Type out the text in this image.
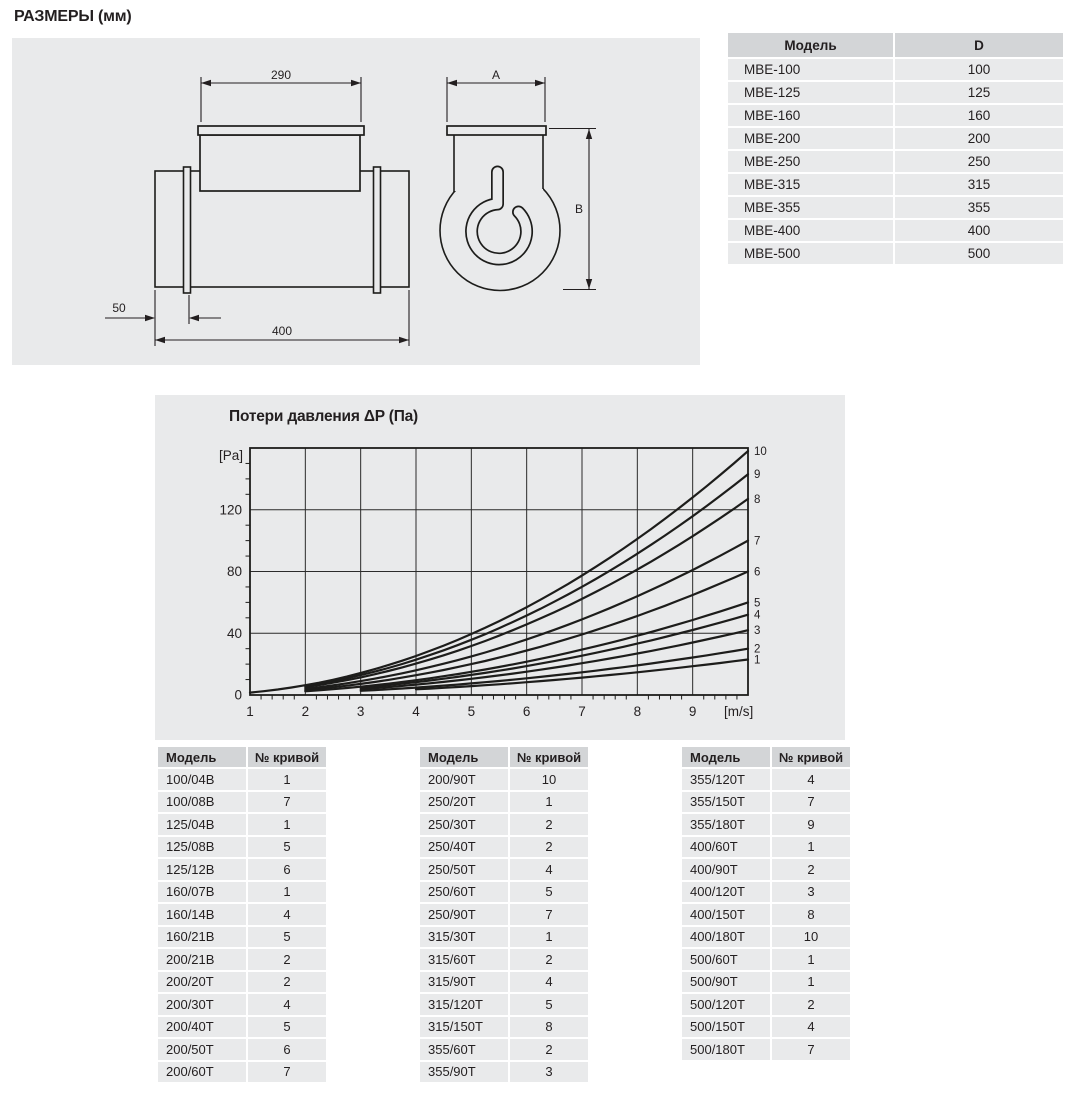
РАЗМЕРЫ (мм)
290	A
B
50
400
Модель	D
MBE-100	100
MBE-125	125
MBE-160	160
MBE-200	200
MBE-250	250
MBE-315	315
MBE-355	355
MBE-400	400
MBE-500	500
Потери давления ΔP (Па)
1	2	3	4	5	6	7	8	9 [m/s]
0
40
80
120
[Pa]
1
2
3
4
5
6
7
8
9
10
Модель	№ кривой
100/04B	1
100/08B	7
125/04B	1
125/08B	5
125/12B	6
160/07B	1
160/14B	4
160/21B	5
200/21B	2
200/20T	2
200/30T	4
200/40T	5
200/50T	6
200/60T	7
Модель	№ кривой
200/90T	10
250/20T	1
250/30T	2
250/40T	2
250/50T	4
250/60T	5
250/90T	7
315/30T	1
315/60T	2
315/90T	4
315/120T	5
315/150T	8
355/60T	2
355/90T	3
Модель	№ кривой
355/120T	4
355/150T	7
355/180T	9
400/60T	1
400/90T	2
400/120T	3
400/150T	8
400/180T	10
500/60T	1
500/90T	1
500/120T	2
500/150T	4
500/180T	7
